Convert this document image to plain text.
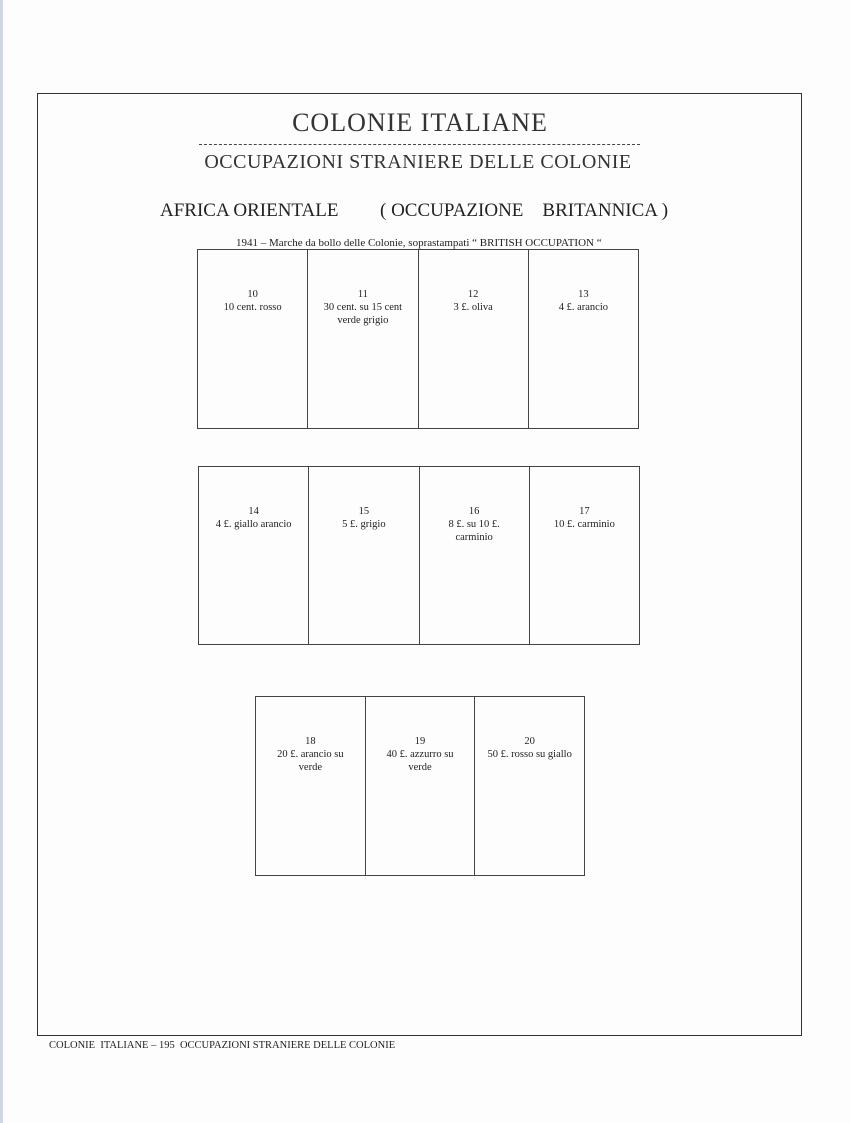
COLONIE ITALIANE
OCCUPAZIONI STRANIERE DELLE COLONIE
AFRICA ORIENTALE ( OCCUPAZIONE    BRITANNICA )
1941 – Marche da bollo delle Colonie, soprastampati “ BRITISH OCCUPATION “
10
10 cent. rosso
11
30 cent. su 15 cent verde grigio
12
3 £. oliva
13
4 £. arancio
14
4 £. giallo arancio
15
5 £. grigio
16
8 £. su 10 £. carminio
17
10 £. carminio
18
20 £. arancio su verde
19
40 £. azzurro su verde
20
50 £. rosso su giallo
COLONIE  ITALIANE – 195  OCCUPAZIONI STRANIERE DELLE COLONIE
